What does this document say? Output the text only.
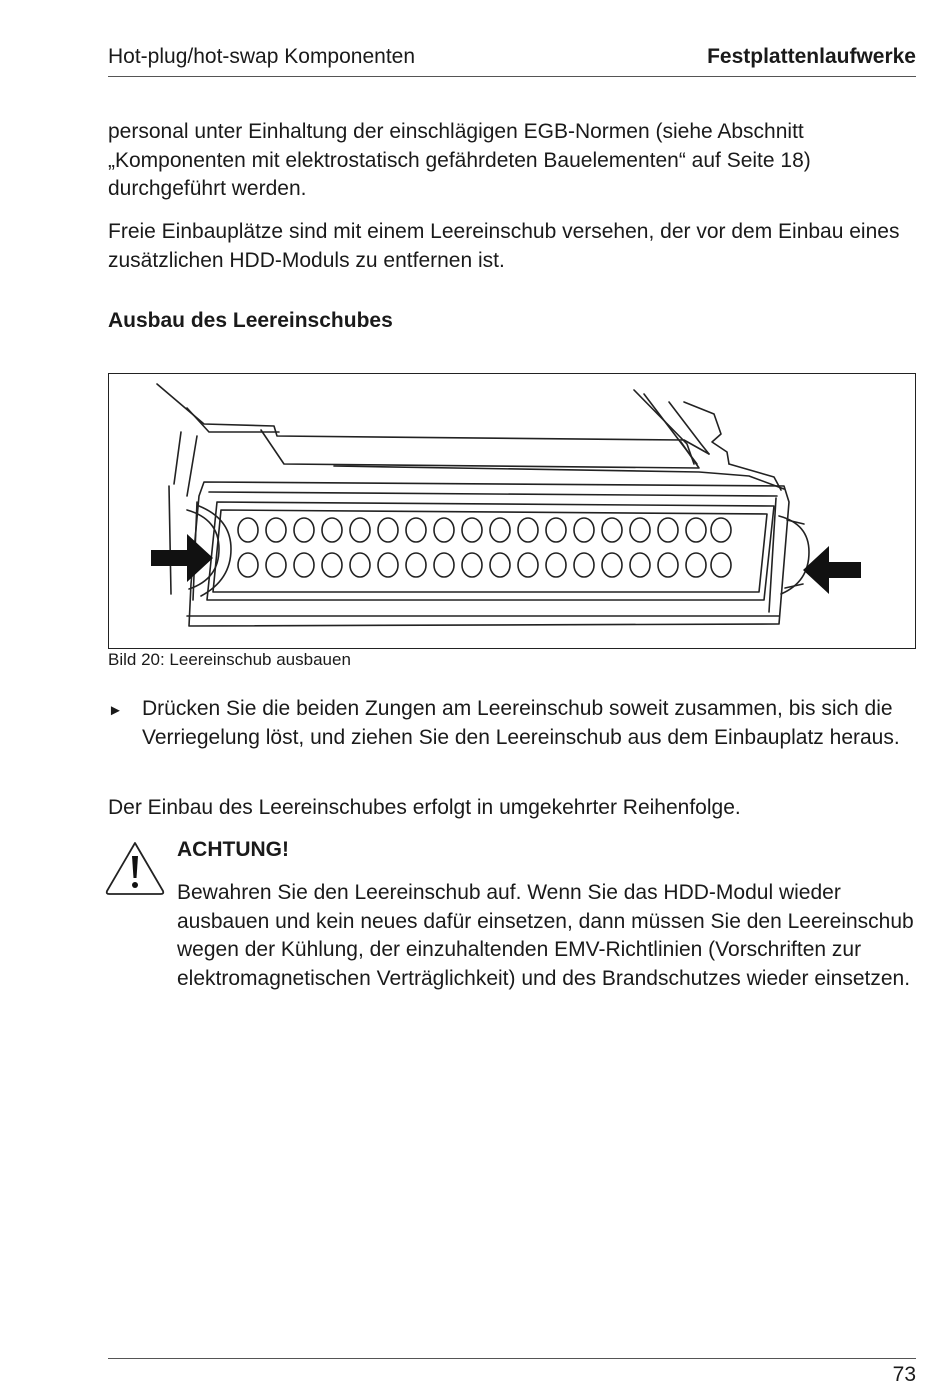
Hot-plug/hot-swap Komponenten	Festplattenlaufwerke

personal unter Einhaltung der einschlägigen EGB-Normen (siehe Abschnitt „Komponenten mit elektrostatisch gefährdeten Bauelementen“ auf Seite 18) durchgeführt werden.

Freie Einbauplätze sind mit einem Leereinschub versehen, der vor dem Einbau eines zusätzlichen HDD-Moduls zu entfernen ist.

Ausbau des Leereinschubes
Bild 20: Leereinschub ausbauen
► Drücken Sie die beiden Zungen am Leereinschub soweit zusammen, bis sich die Verriegelung löst, und ziehen Sie den Leereinschub aus dem Einbauplatz heraus.

Der Einbau des Leereinschubes erfolgt in umgekehrter Reihenfolge.

ACHTUNG!

Bewahren Sie den Leereinschub auf. Wenn Sie das HDD-Modul wieder ausbauen und kein neues dafür einsetzen, dann müssen Sie den Leereinschub wegen der Kühlung, der einzuhaltenden EMV-Richtlinien (Vorschriften zur elektromagnetischen Verträglichkeit) und des Brandschutzes wieder einsetzen.

73
